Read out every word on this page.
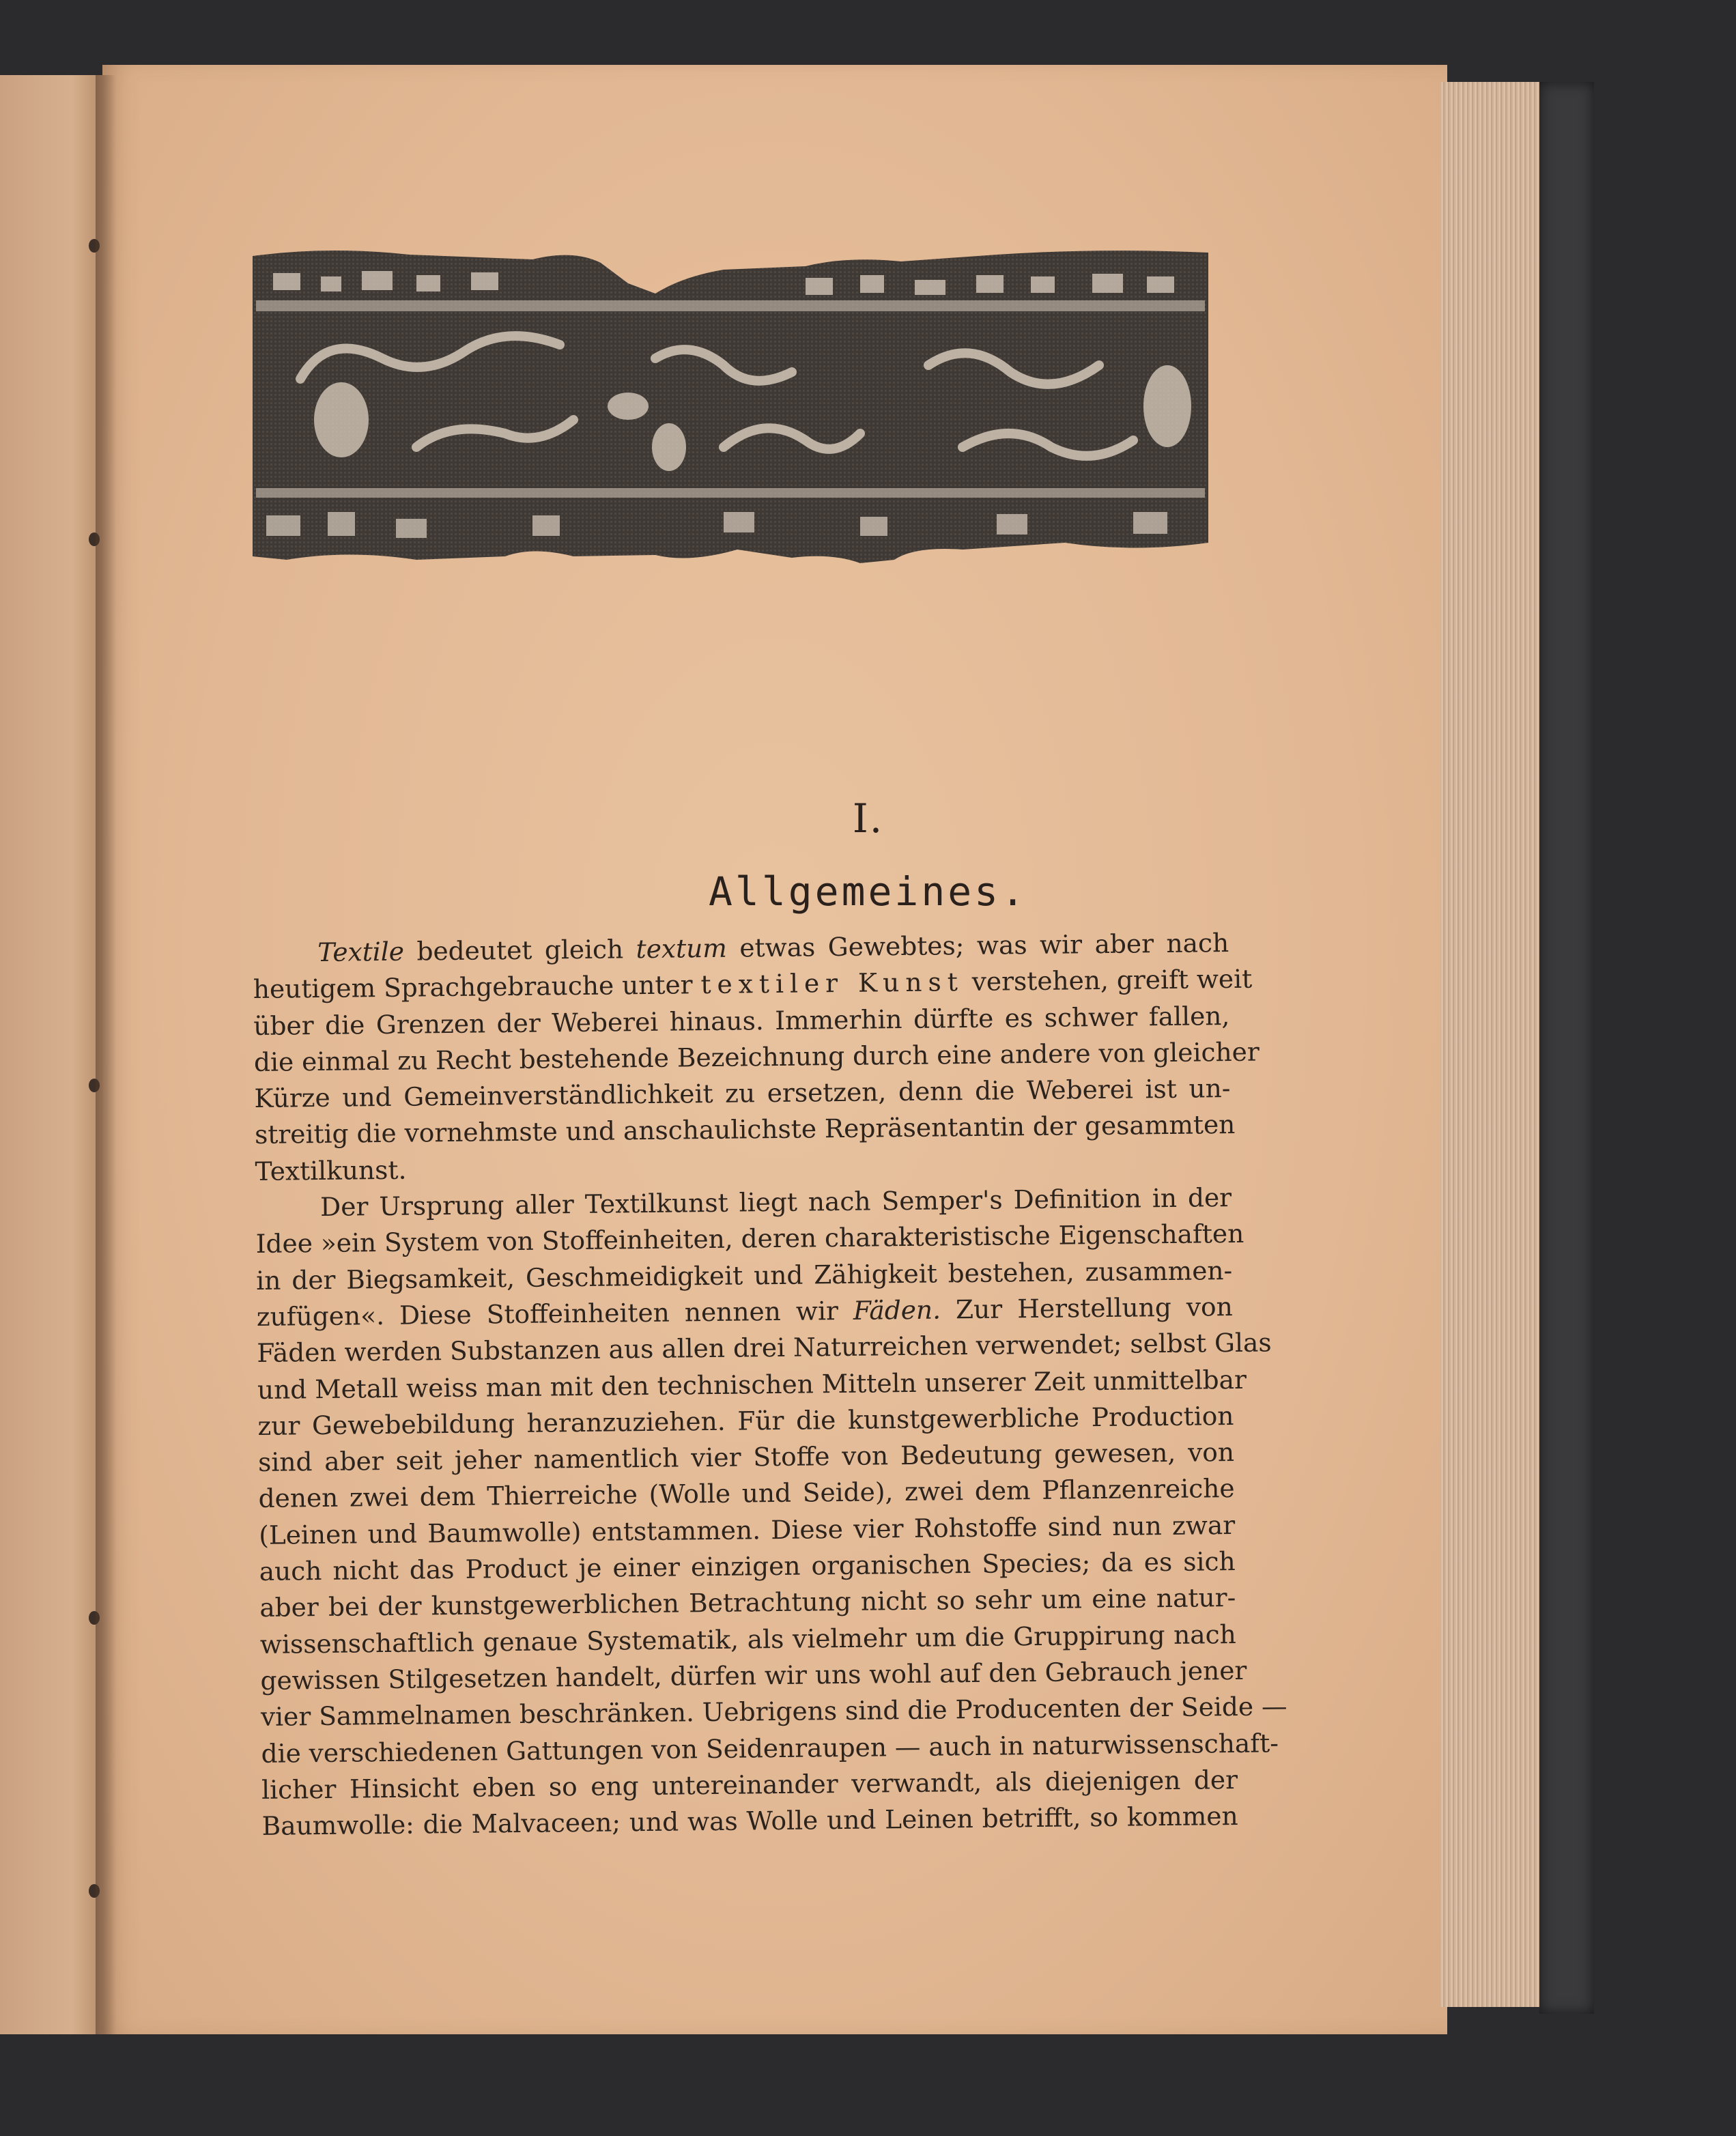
I.
Allgemeines.
Textile bedeutet gleich textum etwas Gewebtes; was wir aber nach
heutigem Sprachgebrauche unter textiler Kunst verstehen, greift weit
über die Grenzen der Weberei hinaus. Immerhin dürfte es schwer fallen,
die einmal zu Recht bestehende Bezeichnung durch eine andere von gleicher
Kürze und Gemeinverständlichkeit zu ersetzen, denn die Weberei ist un-
streitig die vornehmste und anschaulichste Repräsentantin der gesammten
Textilkunst.
Der Ursprung aller Textilkunst liegt nach Semper's Definition in der
Idee »ein System von Stoffeinheiten, deren charakteristische Eigenschaften
in der Biegsamkeit, Geschmeidigkeit und Zähigkeit bestehen, zusammen-
zufügen«. Diese Stoffeinheiten nennen wir Fäden. Zur Herstellung von
Fäden werden Substanzen aus allen drei Naturreichen verwendet; selbst Glas
und Metall weiss man mit den technischen Mitteln unserer Zeit unmittelbar
zur Gewebebildung heranzuziehen. Für die kunstgewerbliche Production
sind aber seit jeher namentlich vier Stoffe von Bedeutung gewesen, von
denen zwei dem Thierreiche (Wolle und Seide), zwei dem Pflanzenreiche
(Leinen und Baumwolle) entstammen. Diese vier Rohstoffe sind nun zwar
auch nicht das Product je einer einzigen organischen Species; da es sich
aber bei der kunstgewerblichen Betrachtung nicht so sehr um eine natur-
wissenschaftlich genaue Systematik, als vielmehr um die Gruppirung nach
gewissen Stilgesetzen handelt, dürfen wir uns wohl auf den Gebrauch jener
vier Sammelnamen beschränken. Uebrigens sind die Producenten der Seide —
die verschiedenen Gattungen von Seidenraupen — auch in naturwissenschaft-
licher Hinsicht eben so eng untereinander verwandt, als diejenigen der
Baumwolle: die Malvaceen; und was Wolle und Leinen betrifft, so kommen
